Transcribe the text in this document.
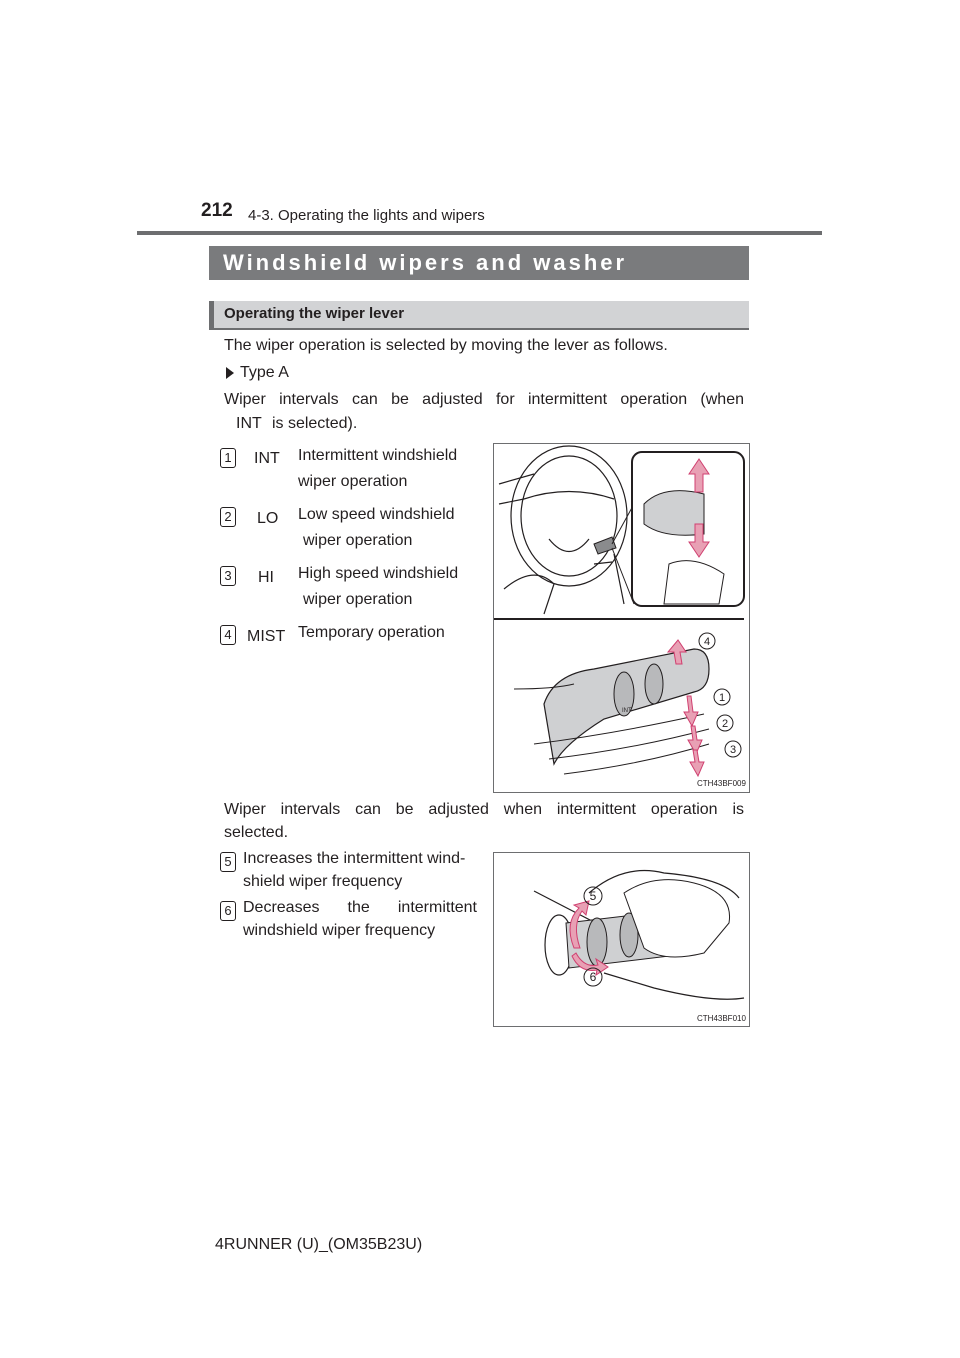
212 4-3. Operating the lights and wipers
Windshield wipers and washer
Operating the wiper lever
The wiper operation is selected by moving the lever as follows.
Type A
Wiper intervals can be adjusted for intermittent operation (when
INT is selected).
1 INT Intermittent windshield
wiper operation
2 LO Low speed windshield
wiper operation
3 HI High speed windshield
wiper operation
4 MIST Temporary operation
INT
4
1
2
3
CTH43BF009
Wiper intervals can be adjusted when intermittent operation is
selected.
5 Increases the intermittent wind-
shield wiper frequency
6 Decreases the intermittent
windshield wiper frequency
5
6
CTH43BF010
4RUNNER (U)_(OM35B23U)
